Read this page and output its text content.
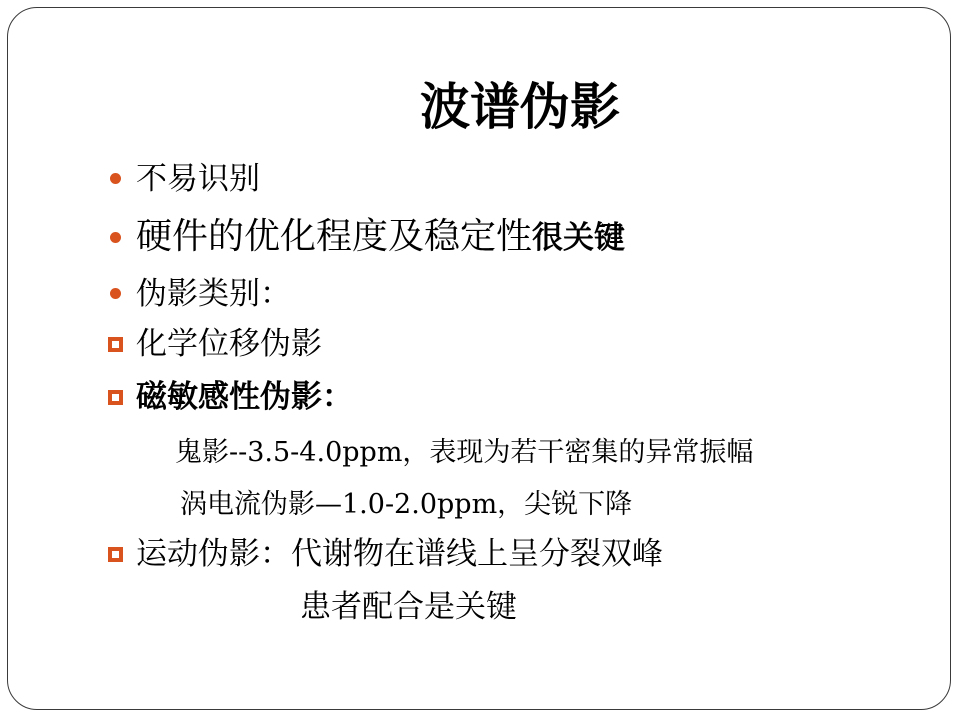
波谱伪影
不易识别
硬件的优化程度及稳定性很关键
伪影类别：
化学位移伪影
磁敏感性伪影：
鬼影--3.5-4.0ppm，表现为若干密集的异常振幅
涡电流伪影—1.0-2.0ppm，尖锐下降
运动伪影：代谢物在谱线上呈分裂双峰
患者配合是关键
